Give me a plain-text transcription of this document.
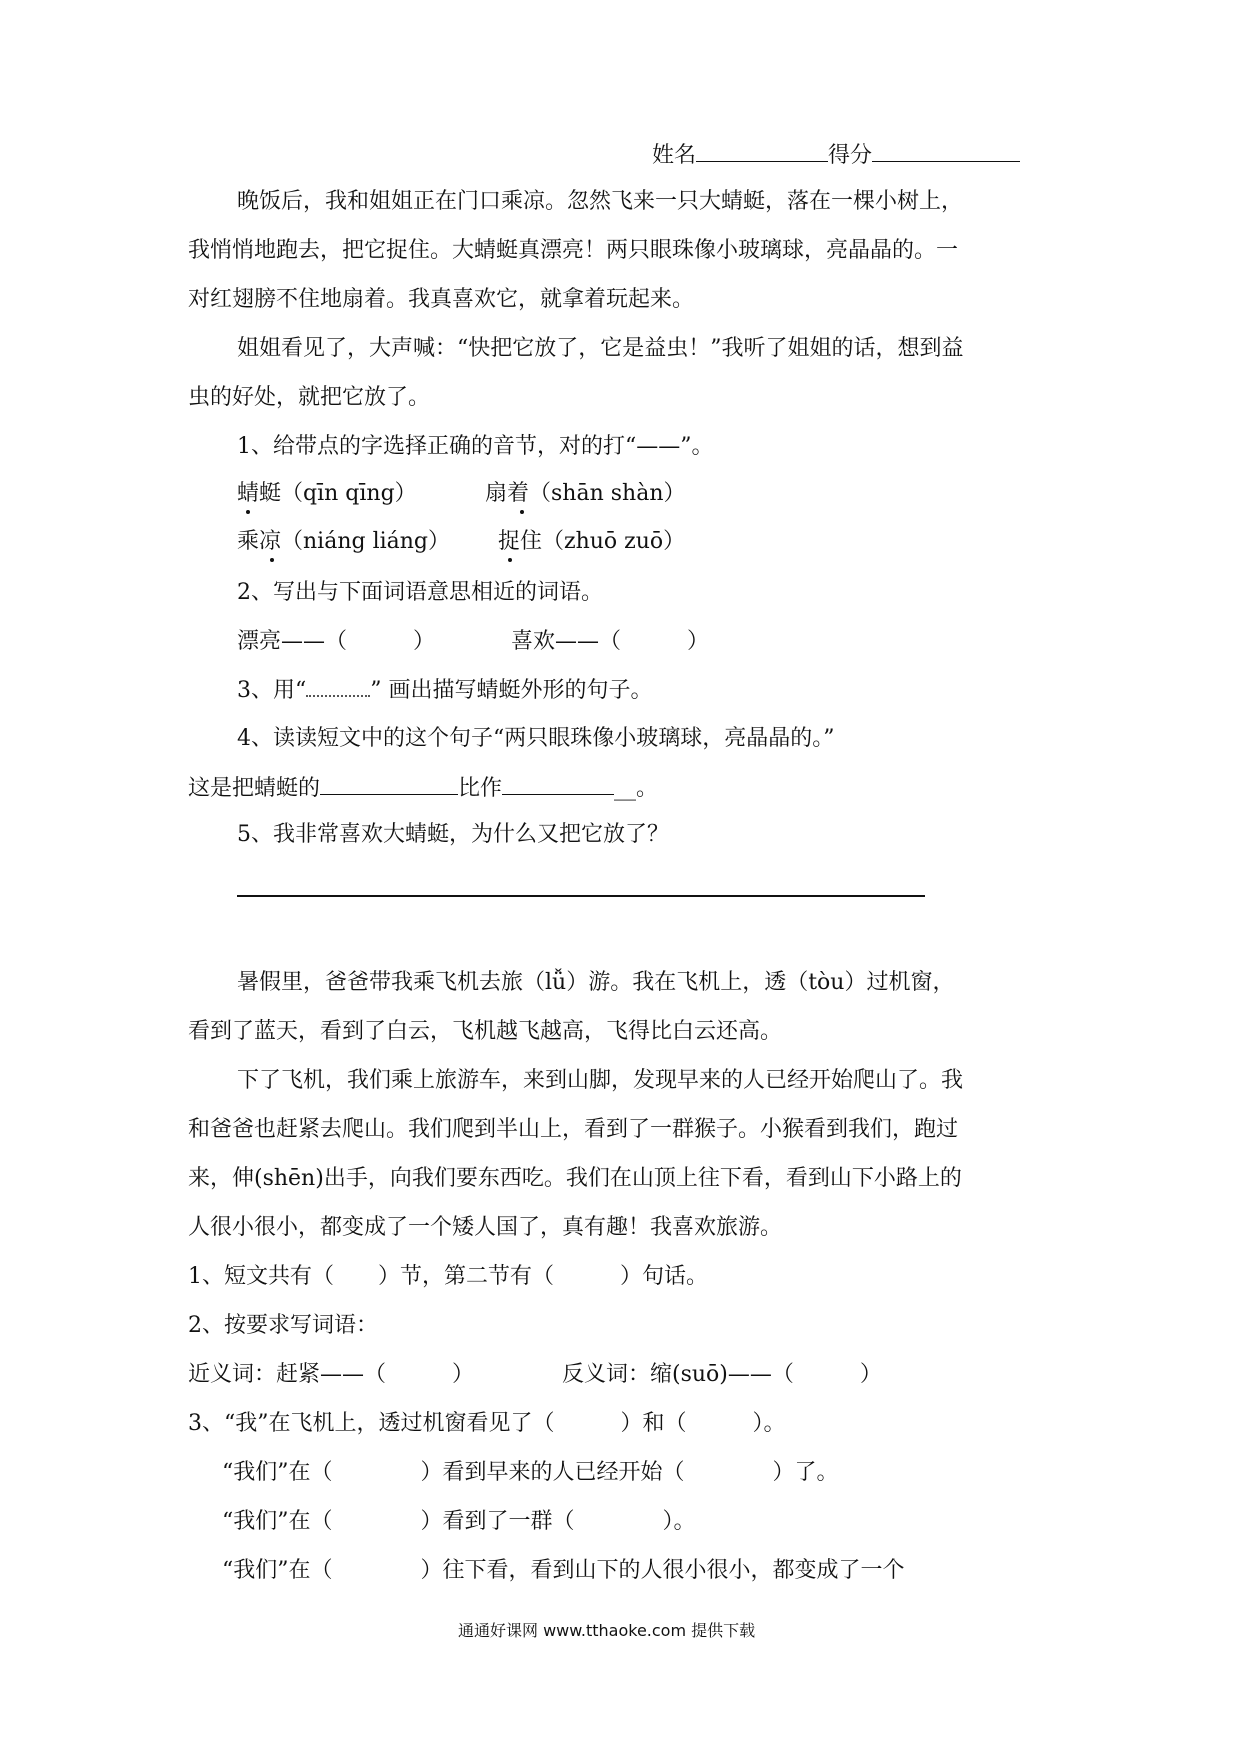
姓名	得分
晚饭后，我和姐姐正在门口乘凉。忽然飞来一只大蜻蜓，落在一棵小树上，
我悄悄地跑去，把它捉住。大蜻蜓真漂亮！两只眼珠像小玻璃球，亮晶晶的。一
对红翅膀不住地扇着。我真喜欢它，就拿着玩起来。
姐姐看见了，大声喊：“快把它放了，它是益虫！”我听了姐姐的话，想到益
虫的好处，就把它放了。
1、给带点的字选择正确的音节，对的打“——”。
蜻蜓（qīn qīng）	扇着（shān shàn）
乘凉（niáng liáng） 捉住（zhuō zuō）
2、写出与下面词语意思相近的词语。
漂亮——（　　　）	喜欢——（　　　）
3、用“	” 画出描写蜻蜓外形的句子。
4、读读短文中的这个句子“两只眼珠像小玻璃球，亮晶晶的。”
这是把蜻蜓的	比作	__。
5、我非常喜欢大蜻蜓，为什么又把它放了？
暑假里，爸爸带我乘飞机去旅（lǚ）游。我在飞机上，透（tòu）过机窗，
看到了蓝天，看到了白云，飞机越飞越高，飞得比白云还高。
下了飞机，我们乘上旅游车，来到山脚，发现早来的人已经开始爬山了。我
和爸爸也赶紧去爬山。我们爬到半山上，看到了一群猴子。小猴看到我们，跑过
来，伸(shēn)出手，向我们要东西吃。我们在山顶上往下看，看到山下小路上的
人很小很小，都变成了一个矮人国了，真有趣！我喜欢旅游。
1、短文共有（　　）节，第二节有（　　　）句话。
2、按要求写词语：
近义词：赶紧——（　　　）	反义词：缩(suō)——（　　　）
3、“我”在飞机上，透过机窗看见了（　　　）和（　　　）。
“我们”在（　　　　）看到早来的人已经开始（　　　　）了。
“我们”在（　　　　）看到了一群（　　　　）。
“我们”在（　　　　）往下看，看到山下的人很小很小，都变成了一个
通通好课网 www.tthaoke.com 提供下载
